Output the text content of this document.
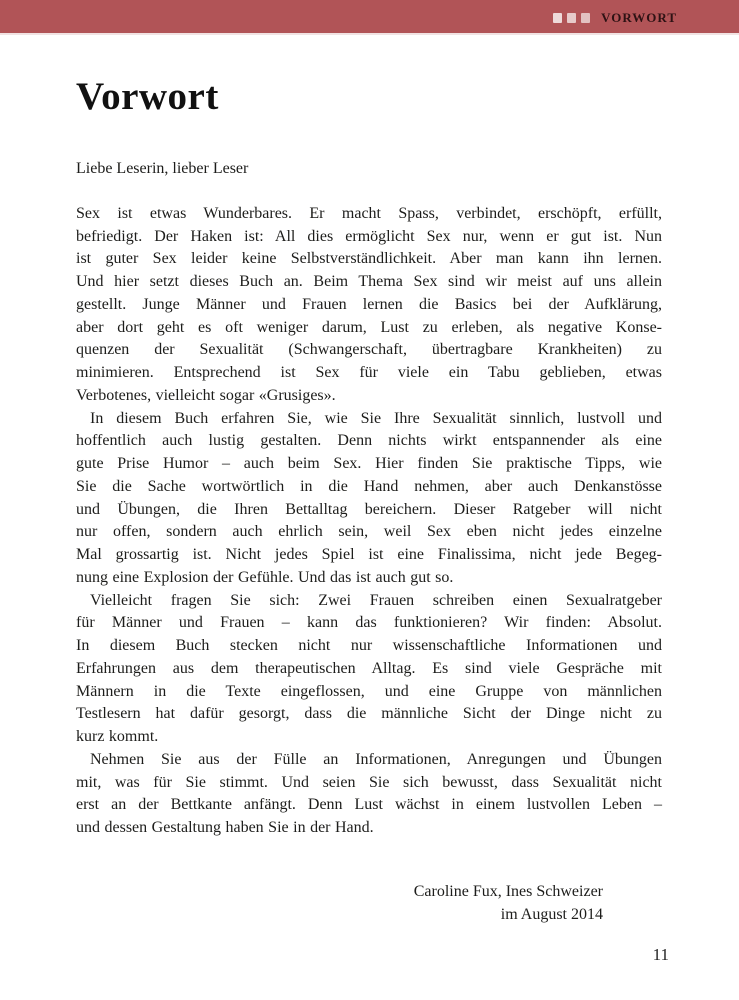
VORWORT
Vorwort
Liebe Leserin, lieber Leser
Sex ist etwas Wunderbares. Er macht Spass, verbindet, erschöpft, erfüllt,
befriedigt. Der Haken ist: All dies ermöglicht Sex nur, wenn er gut ist. Nun
ist guter Sex leider keine Selbstverständlichkeit. Aber man kann ihn lernen.
Und hier setzt dieses Buch an. Beim Thema Sex sind wir meist auf uns allein
gestellt. Junge Männer und Frauen lernen die Basics bei der Aufklärung,
aber dort geht es oft weniger darum, Lust zu erleben, als negative Konse-
quenzen der Sexualität (Schwangerschaft, übertragbare Krankheiten) zu
minimieren. Entsprechend ist Sex für viele ein Tabu geblieben, etwas
Verbotenes, vielleicht sogar «Grusiges».
In diesem Buch erfahren Sie, wie Sie Ihre Sexualität sinnlich, lustvoll und
hoffentlich auch lustig gestalten. Denn nichts wirkt entspannender als eine
gute Prise Humor – auch beim Sex. Hier finden Sie praktische Tipps, wie
Sie die Sache wortwörtlich in die Hand nehmen, aber auch Denkanstösse
und Übungen, die Ihren Bettalltag bereichern. Dieser Ratgeber will nicht
nur offen, sondern auch ehrlich sein, weil Sex eben nicht jedes einzelne
Mal grossartig ist. Nicht jedes Spiel ist eine Finalissima, nicht jede Begeg-
nung eine Explosion der Gefühle. Und das ist auch gut so.
Vielleicht fragen Sie sich: Zwei Frauen schreiben einen Sexualratgeber
für Männer und Frauen – kann das funktionieren? Wir finden: Absolut.
In diesem Buch stecken nicht nur wissenschaftliche Informationen und
Erfahrungen aus dem therapeutischen Alltag. Es sind viele Gespräche mit
Männern in die Texte eingeflossen, und eine Gruppe von männlichen
Testlesern hat dafür gesorgt, dass die männliche Sicht der Dinge nicht zu
kurz kommt.
Nehmen Sie aus der Fülle an Informationen, Anregungen und Übungen
mit, was für Sie stimmt. Und seien Sie sich bewusst, dass Sexualität nicht
erst an der Bettkante anfängt. Denn Lust wächst in einem lustvollen Leben –
und dessen Gestaltung haben Sie in der Hand.
Caroline Fux, Ines Schweizer
im August 2014
11
